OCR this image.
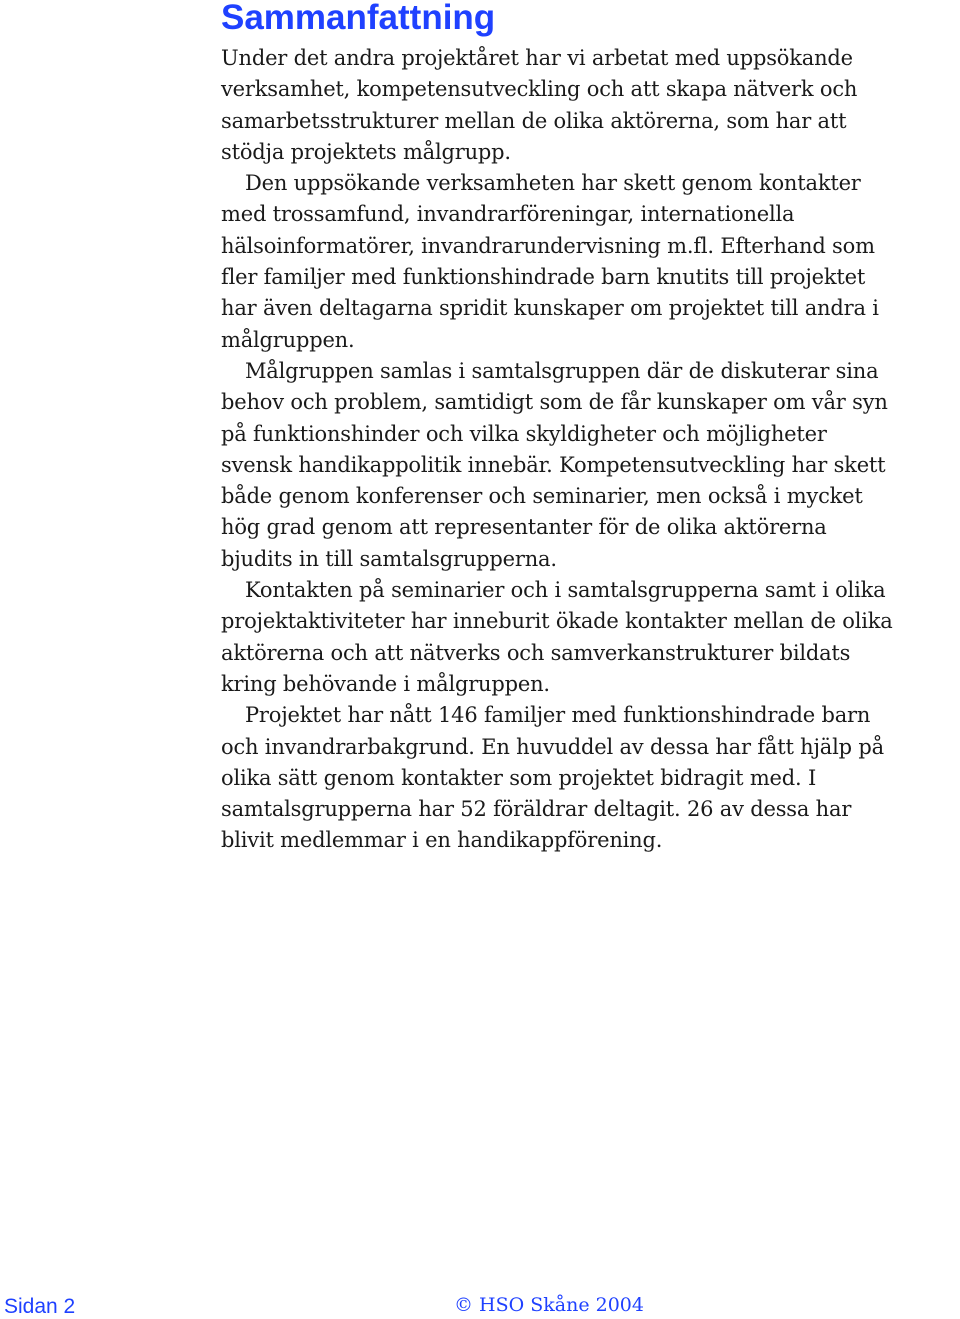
Sammanfattning
Under det andra projektåret har vi arbetat med uppsökande
verksamhet, kompetensutveckling och att skapa nätverk och
samarbetsstrukturer mellan de olika aktörerna, som har att
stödja projektets målgrupp.
Den uppsökande verksamheten har skett genom kontakter
med trossamfund, invandrarföreningar, internationella
hälsoinformatörer, invandrarundervisning m.fl. Efterhand som
fler familjer med funktionshindrade barn knutits till projektet
har även deltagarna spridit kunskaper om projektet till andra i
målgruppen.
Målgruppen samlas i samtalsgruppen där de diskuterar sina
behov och problem, samtidigt som de får kunskaper om vår syn
på funktionshinder och vilka skyldigheter och möjligheter
svensk handikappolitik innebär. Kompetensutveckling har skett
både genom konferenser och seminarier, men också i mycket
hög grad genom att representanter för de olika aktörerna
bjudits in till samtalsgrupperna.
Kontakten på seminarier och i samtalsgrupperna samt i olika
projektaktiviteter har inneburit ökade kontakter mellan de olika
aktörerna och att nätverks och samverkanstrukturer bildats
kring behövande i målgruppen.
Projektet har nått 146 familjer med funktionshindrade barn
och invandrarbakgrund. En huvuddel av dessa har fått hjälp på
olika sätt genom kontakter som projektet bidragit med. I
samtalsgrupperna har 52 föräldrar deltagit. 26 av dessa har
blivit medlemmar i en handikappförening.
Sidan 2	© HSO Skåne 2004
